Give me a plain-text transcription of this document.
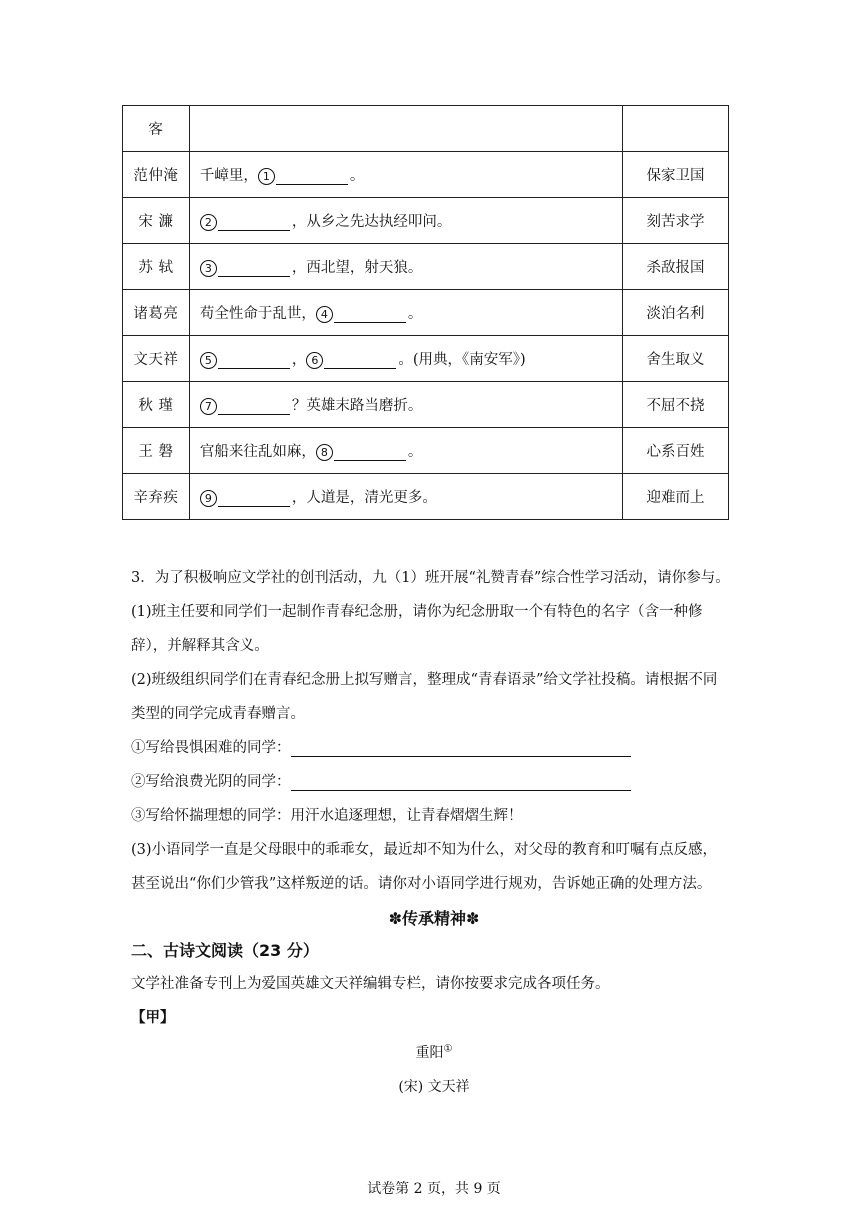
客		
范仲淹	千嶂里， 1 。	保家卫国
宋 濂	2 ，从乡之先达执经叩问。	刻苦求学
苏 轼	3 ，西北望，射天狼。	杀敌报国
诸葛亮	苟全性命于乱世， 4 。	淡泊名利
文天祥	5 ， 6 。(用典，《南安军》)	舍生取义
秋 瑾	7 ？英雄末路当磨折。	不屈不挠
王 磐	官船来往乱如麻， 8 。	心系百姓
辛弃疾	9 ，人道是，清光更多。	迎难而上
3．为了积极响应文学社的创刊活动，九（1）班开展“礼赞青春”综合性学习活动，请你参与。
(1)班主任要和同学们一起制作青春纪念册，请你为纪念册取一个有特色的名字（含一种修
辞），并解释其含义。
(2)班级组织同学们在青春纪念册上拟写赠言，整理成“青春语录”给文学社投稿。请根据不同
类型的同学完成青春赠言。
①写给畏惧困难的同学：
②写给浪费光阴的同学：
③写给怀揣理想的同学：用汗水追逐理想，让青春熠熠生辉！
(3)小语同学一直是父母眼中的乖乖女，最近却不知为什么，对父母的教育和叮嘱有点反感，
甚至说出“你们少管我”这样叛逆的话。请你对小语同学进行规劝，告诉她正确的处理方法。
✽传承精神✽
二、古诗文阅读（23 分）
文学社准备专刊上为爱国英雄文天祥编辑专栏，请你按要求完成各项任务。
【甲】
重阳①
(宋) 文天祥
试卷第 2 页，共 9 页
